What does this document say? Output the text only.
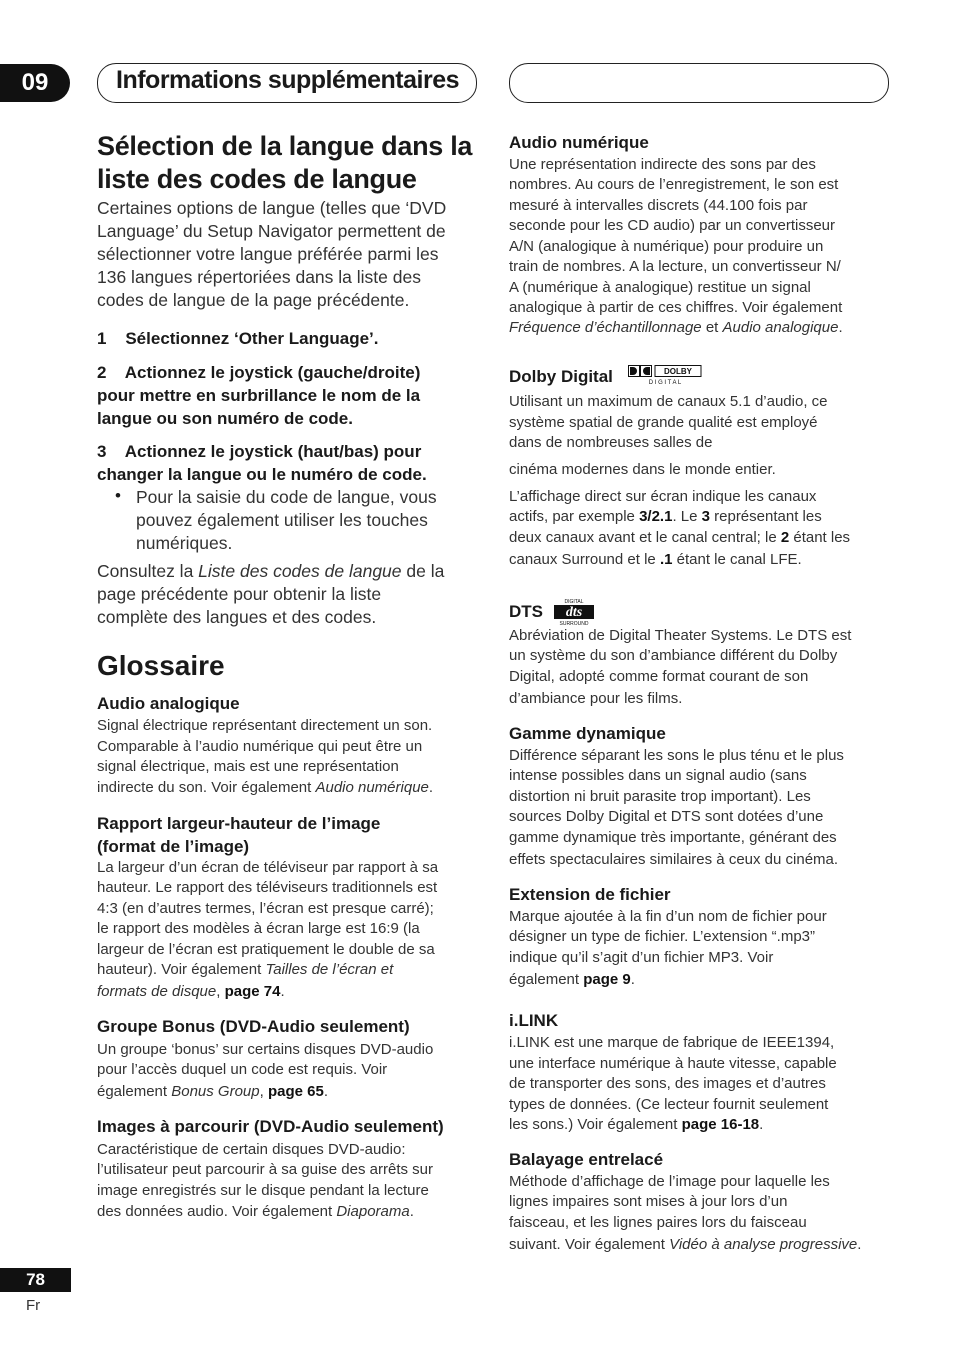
09	Informations supplémentaires
Sélection de la langue dans la
liste des codes de langue
Certaines options de langue (telles que ‘DVD
Language’ du Setup Navigator permettent de
sélectionner votre langue préférée parmi les
136 langues répertoriées dans la liste des
codes de langue de la page précédente.
1    Sélectionnez ‘Other Language’.
2    Actionnez le joystick (gauche/droite)
pour mettre en surbrillance le nom de la
langue ou son numéro de code.
3    Actionnez le joystick (haut/bas) pour
changer la langue ou le numéro de code.
• Pour la saisie du code de langue, vous
pouvez également utiliser les touches
numériques.
Consultez la Liste des codes de langue de la
page précédente pour obtenir la liste
complète des langues et des codes.
Glossaire
Audio analogique
Signal électrique représentant directement un son.
Comparable à l’audio numérique qui peut être un
signal électrique, mais est une représentation
indirecte du son. Voir également Audio numérique.
Rapport largeur-hauteur de l’image
(format de l’image)
La largeur d’un écran de téléviseur par rapport à sa
hauteur. Le rapport des téléviseurs traditionnels est
4:3 (en d’autres termes, l’écran est presque carré);
le rapport des modèles à écran large est 16:9 (la
largeur de l’écran est pratiquement le double de sa
hauteur). Voir également Tailles de l’écran et
formats de disque, page 74.
Groupe Bonus (DVD-Audio seulement)
Un groupe ‘bonus’ sur certains disques DVD-audio
pour l’accès duquel un code est requis. Voir
également Bonus Group, page 65.
Images à parcourir (DVD-Audio seulement)
Caractéristique de certain disques DVD-audio:
l’utilisateur peut parcourir à sa guise des arrêts sur
image enregistrés sur le disque pendant la lecture
des données audio. Voir également Diaporama.
Audio numérique
Une représentation indirecte des sons par des
nombres. Au cours de l’enregistrement, le son est
mesuré à intervalles discrets (44.100 fois par
seconde pour les CD audio) par un convertisseur
A/N (analogique à numérique) pour produire un
train de nombres. A la lecture, un convertisseur N/
A (numérique à analogique) restitue un signal
analogique à partir de ces chiffres. Voir également
Fréquence d’échantillonnage et Audio analogique.
Dolby Digital
Utilisant un maximum de canaux 5.1 d’audio, ce
système spatial de grande qualité est employé
dans de nombreuses salles de
cinéma modernes dans le monde entier.
L’affichage direct sur écran indique les canaux
actifs, par exemple 3/2.1. Le 3 représentant les
deux canaux avant et le canal central; le 2 étant les
canaux Surround et le .1 étant le canal LFE.
DTS
Abréviation de Digital Theater Systems. Le DTS est
un système du son d’ambiance différent du Dolby
Digital, adopté comme format courant de son
d’ambiance pour les films.
Gamme dynamique
Différence séparant les sons le plus ténu et le plus
intense possibles dans un signal audio (sans
distortion ni bruit parasite trop important). Les
sources Dolby Digital et DTS sont dotées d’une
gamme dynamique très importante, générant des
effets spectaculaires similaires à ceux du cinéma.
Extension de fichier
Marque ajoutée à la fin d’un nom de fichier pour
désigner un type de fichier. L’extension “.mp3”
indique qu’il s’agit d’un fichier MP3. Voir
également page 9.
i.LINK
i.LINK est une marque de fabrique de IEEE1394,
une interface numérique à haute vitesse, capable
de transporter des sons, des images et d’autres
types de données. (Ce lecteur fournit seulement
les sons.) Voir également page 16-18.
Balayage entrelacé
Méthode d’affichage de l’image pour laquelle les
lignes impaires sont mises à jour lors d’un
faisceau, et les lignes paires lors du faisceau
suivant. Voir également Vidéo à analyse progressive.
DOLBY
D I G I T A L
DIGITAL
dts
SURROUND
78
Fr
